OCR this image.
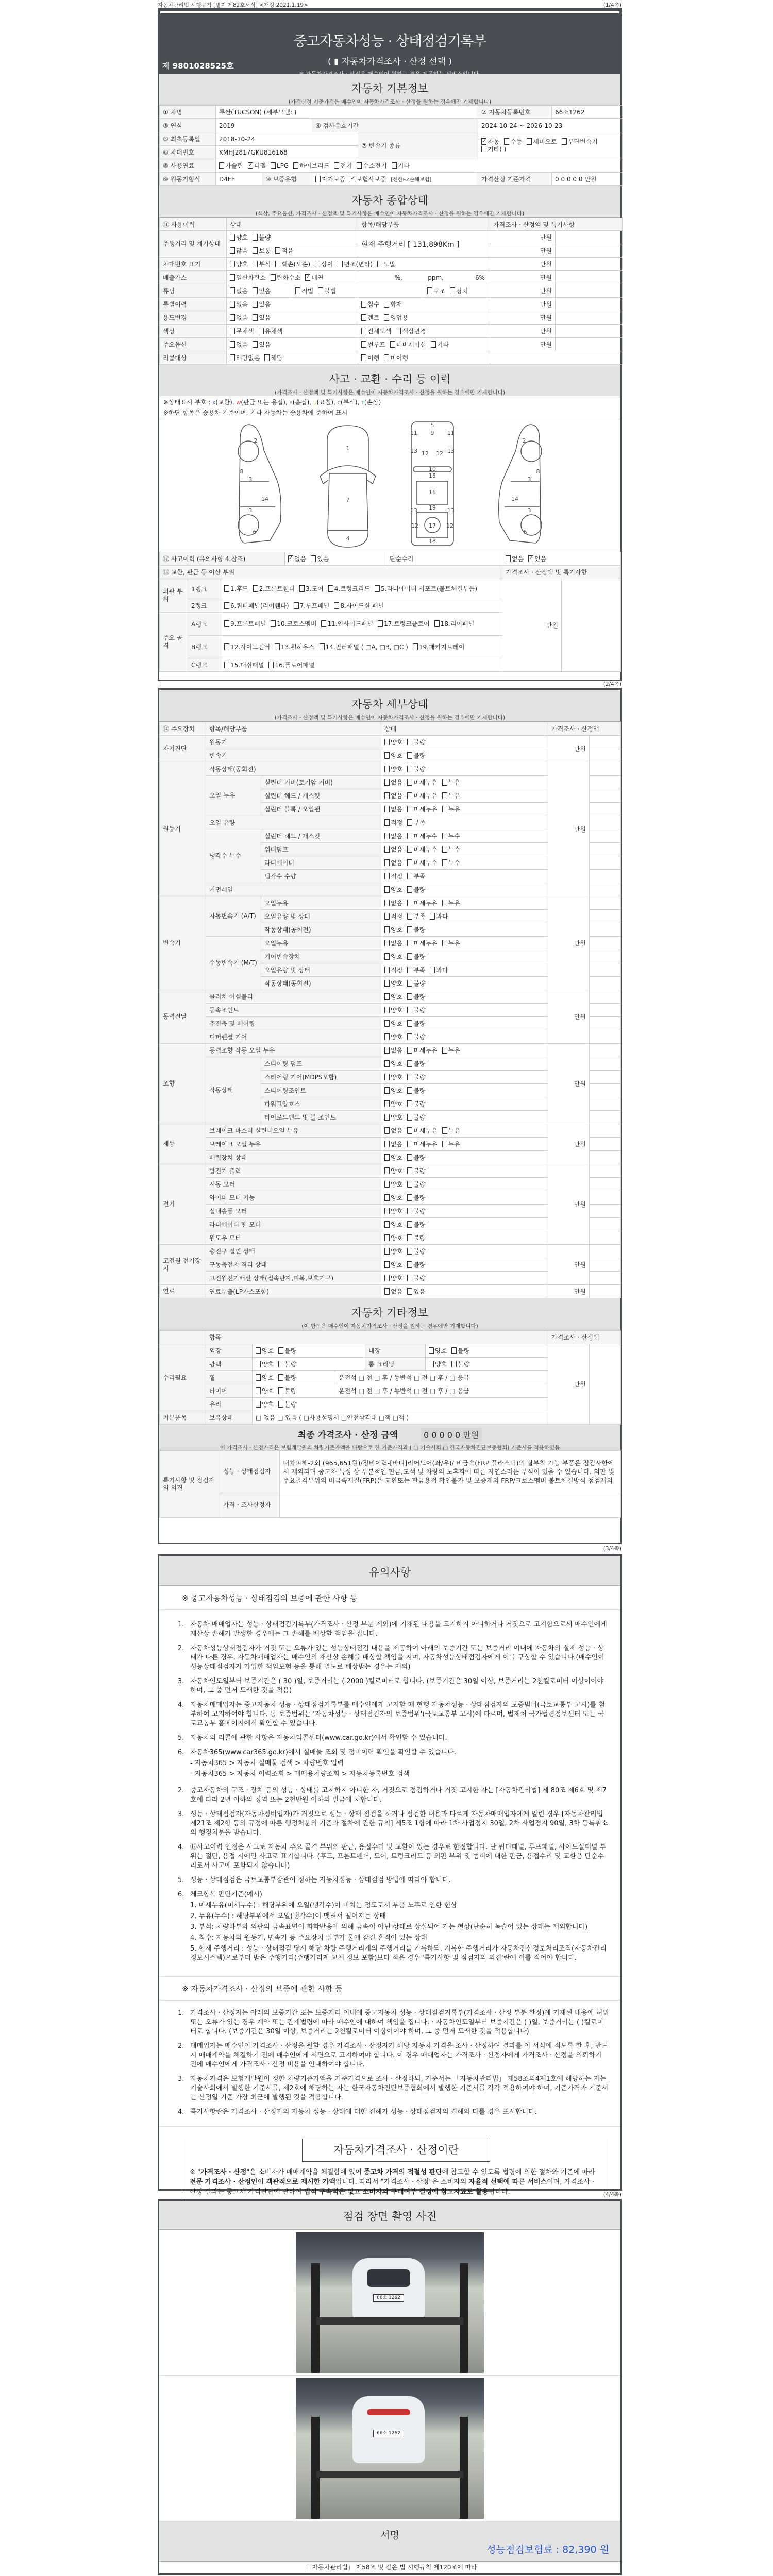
자동차관리법 시행규칙 [별지 제82호서식] <개정 2021.1.19>	(1/4쪽)
중고자동차성능 · 상태점검기록부
( ▮ 자동차가격조사 · 산정 선택 )
※ 자동차가격조사 · 산정은 매수인이 원하는 경우 제공하는 서비스입니다.
제 9801028525호
자동차 기본정보
(가격산정 기준가격은 매수인이 자동차가격조사 · 산정을 원하는 경우에만 기재합니다)
① 차명	투싼(TUCSON) (세부모델: )				② 자동차등록번호	66소1262
③ 연식	2019		④ 검사유효기간		2024-10-24 ~ 2026-10-23	
⑤ 최초등록일	2018-10-24			⑦ 변속기 종류	✓자동 수동 세미오토 무단변속기기타( )
⑥ 차대번호	KMHJ2817GKU816168					
⑧ 사용연료	가솔린 ✓ 디젤 LPG 하이브리드 전기 수소전기 기타
⑨ 원동기형식	D4FE	⑩ 보증유형	자가보증 ✓ 보험사보증 [신한EZ손해보험]		가격산정 기준가격	0 0 0 0 0 만원
자동차 종합상태
(색상, 주요옵션, 가격조사 · 산정액 및 특기사항은 매수인이 자동차가격조사 · 산정을 원하는 경우에만 기재합니다)
⑪ 사용이력	상태		항목/해당부품		가격조사 · 산정액 및 특기사항	
주행거리 및 계기상태	양호 불량		현재 주행거리 [ 131,898Km ]		만원	
	많음 보통 적음				만원	
차대번호 표기	양호 부식 훼손(오손) 상이 변조(변타) 도말				만원	
배출가스	일산화탄소 탄화수소 ✓ 매연		%, ppm, 6%		만원	
튜닝	없음 있음	적법 불법		구조 장치	만원	
특별이력	없음 있음		침수 화재		만원	
용도변경	없음 있음		렌트 영업용		만원	
색상	무채색 유채색		전체도색 색상변경		만원	
주요옵션	없음 있음		썬루프 네비게이션 기타		만원	
리콜대상	해당없음 해당		이행 미이행			
사고 · 교환 · 수리 등 이력
(가격조사 · 산정액 및 특기사항은 매수인이 자동차가격조사 · 산정을 원하는 경우에만 기재합니다)
※상태표시 부호 : X(교환), W(판금 또는 용접), A(흠집), U(요철), C(부식), T(손상)
※하단 항목은 승용차 기준이며, 기타 자동차는 승용차에 준하여 표시
2
8
3
3
14
6
2
8
3
3
14
6
1
7
4
5
9
11	11
13	13
12 12
10
15
16
19
17
18
13	13
12	12
⑫ 사고이력 (유의사항 4.참조)	✓없음 있음	단순수리	없음 ✓ 있음
⑬ 교환, 판금 등 이상 부위					가격조사 · 산정액 및 특기사항	
외판 부위	1랭크	1.후드 2.프론트휀더 3.도어 4.트렁크리드 5.라디에이터 서포트(볼트체결부품)			만원	
	2랭크	6.쿼터패널(리어휀다) 7.루프패널 8.사이드실 패널				
주요 골격	A랭크	9.프론트패널 10.크로스멤버 11.인사이드패널 17.트렁크플로어 18.리어패널				
	B랭크	12.사이드멤버 13.휠하우스 14.필러패널 ( □A, □B, □C ) 19.패키지트레이				
	C랭크	15.대쉬패널 16.플로어패널				
(2/4쪽)
자동차 세부상태
(가격조사 · 산정액 및 특기사항은 매수인이 자동차가격조사 · 산정을 원하는 경우에만 기재합니다)
⑭ 주요장치	항목/해당부품		상태	가격조사 · 산정액	
자기진단	원동기		양호 불량	만원	
	변속기		양호 불량		
원동기	작동상태(공회전)		양호 불량	만원	
	오일 누유	실린더 커버(로커암 커버)	없음 미세누유 누유		
		실린더 헤드 / 개스킷	없음 미세누유 누유		
		실린더 블록 / 오일팬	없음 미세누유 누유		
	오일 유량		적정 부족		
	냉각수 누수	실린더 헤드 / 개스킷	없음 미세누수 누수		
		워터펌프	없음 미세누수 누수		
		라디에이터	없음 미세누수 누수		
		냉각수 수량	적정 부족		
	커먼레일		양호 불량		
변속기	자동변속기 (A/T)	오일누유	없음 미세누유 누유	만원	
		오일유량 및 상태	적정 부족 과다		
		작동상태(공회전)	양호 불량		
	수동변속기 (M/T)	오일누유	없음 미세누유 누유		
		기어변속장치	양호 불량		
		오일유량 및 상태	적정 부족 과다		
		작동상태(공회전)	양호 불량		
동력전달	클러치 어셈블리		양호 불량	만원	
	등속조인트		양호 불량		
	추진축 및 베어링		양호 불량		
	디퍼렌셜 기어		양호 불량		
조향	동력조향 작동 오일 누유		없음 미세누유 누유	만원	
	작동상태	스티어링 펌프	양호 불량		
		스티어링 기어(MDPS포함)	양호 불량		
		스티어링조인트	양호 불량		
		파워고압호스	양호 불량		
		타이로드엔드 및 볼 조인트	양호 불량		
제동	브레이크 마스터 실린더오일 누유		없음 미세누유 누유	만원	
	브레이크 오일 누유		없음 미세누유 누유		
	배력장치 상태		양호 불량		
전기	발전기 출력		양호 불량	만원	
	시동 모터		양호 불량		
	와이퍼 모터 기능		양호 불량		
	실내송풍 모터		양호 불량		
	라디에이터 팬 모터		양호 불량		
	윈도우 모터		양호 불량		
고전원 전기장치	충전구 절연 상태		양호 불량	만원	
	구동축전지 격리 상태		양호 불량		
	고전원전기배선 상태(접속단자,피복,보호기구)		양호 불량		
연료	연료누출(LP가스포함)		없음 있음	만원	
자동차 기타정보
(이 항목은 매수인이 자동차가격조사 · 산정을 원하는 경우에만 기재합니다)
	항목					가격조사 · 산정액	
수리필요	외장	양호 불량		내장	양호 불량	만원	
	광택	양호 불량		룸 크리닝	양호 불량		
	휠	양호 불량	운전석 □ 전 □ 후 / 동반석 □ 전 □ 후 / □ 응급				
	타이어	양호 불량	운전석 □ 전 □ 후 / 동반석 □ 전 □ 후 / □ 응급				
	유리	양호 불량					
기본품목	보유상태	□ 없음 □ 있음 ( □사용설명서 □안전삼각대 □잭 □잭 )					
최종 가격조사 · 산정 금액	0 0 0 0 0 만원
이 가격조사 · 산정가격은 보험개발원의 차량기준가액을 바탕으로 한 기준가격과 ( □ 기술사회,□ 한국자동차진단보증협회) 기준서를 적용하였음
특기사항 및 점검자의 의견	성능 · 상태점검자	내차피해-2회 (965,651원)/정비이력-[바디]리어도어(좌/우)/ 비금속(FRP 플라스틱)의 탈부착 가능 부품은 점검사항에서 제외되며 중고차 특성 상 부분적인 판금,도색 및 차량의 노후화에 따른 자연스러운 부식이 있을 수 있습니다. 외판 및 주요골격부위의 비금속재질(FRP)은 교환또는 판금용접 확인불가 및 보증제외 FRP/크로스멤버 볼트체결방식 점검제외
	가격 · 조사산정자	
(3/4쪽)
유의사항
※ 중고자동차성능 · 상태점검의 보증에 관한 사항 등
1. 자동차 매매업자는 성능 · 상태점검기록부(가격조사 · 산정 부분 제외)에 기재된 내용을 고지하지 아니하거나 거짓으로 고지함으로써 매수인에게 재산상 손해가 발생한 경우에는 그 손해를 배상할 책임을 집니다.
2. 자동차성능상태점검자가 거짓 또는 오류가 있는 성능상태점검 내용을 제공하여 아래의 보증기간 또는 보증거리 이내에 자동차의 실제 성능 · 상태가 다른 경우, 자동차매매업자는 매수인의 재산상 손해를 배상할 책임을 지며, 자동차성능상태점검자에게 이를 구상할 수 있습니다.(매수인이 성능상태점검자가 가입한 책임보험 등을 통해 별도로 배상받는 경우는 제외)
3. 자동차인도일부터 보증기간은 ( 30 )일, 보증거리는 ( 2000 )킬로미터로 합니다. (보증기간은 30일 이상, 보증거리는 2천킬로미터 이상이어야 하며, 그 중 먼저 도래한 것을 적용)
4. 자동차매매업자는 중고자동차 성능 · 상태점검기록부를 매수인에게 고지할 때 현행 자동차성능 · 상태점검자의 보증범위(국토교통부 고시)를 첨부하여 고지하여야 합니다. 동 보증범위는 '자동차성능 · 상태점검자의 보증범위'(국토교통부 고시)에 따르며, 법제처 국가법령정보센터 또는 국토교통부 홈페이지에서 확인할 수 있습니다.
5. 자동차의 리콜에 관한 사항은 자동차리콜센터(www.car.go.kr)에서 확인할 수 있습니다.
6. 자동차365(www.car365.go.kr)에서 실매물 조회 및 정비이력 확인을 확인할 수 있습니다.
- 자동차365 > 자동차 실매물 검색 > 차량번호 입력
- 자동차365 > 자동차 이력조회 > 매매용차량조회 > 자동차등록번호 검색
2. 중고자동차의 구조 · 장치 등의 성능 · 상태를 고지하지 아니한 자, 거짓으로 점검하거나 거짓 고지한 자는 [자동차관리법] 제 80조 제6호 및 제7호에 따라 2년 이하의 징역 또는 2천만원 이하의 벌금에 처합니다.
3. 성능 · 상태점검자(자동차정비업자)가 거짓으로 성능 · 상태 점검을 하거나 점검한 내용과 다르게 자동차매매업자에게 알린 경우 [자동차관리법 제21조 제2항 등의 규정에 따른 행정처분의 기준과 절차에 관한 규칙] 제5조 1항에 따라 1차 사업정지 30일, 2차 사업정지 90일, 3차 등록취소의 행정처분을 받습니다.
4. ⑫사고이력 인정은 사고로 자동차 주요 골격 부위의 판금, 용접수리 및 교환이 있는 경우로 한정합니다. 단 쿼터패널, 루프패널, 사이드실패널 부위는 절단, 용접 시에만 사고로 표기합니다. (후드, 프론트펜더, 도어, 트렁크리드 등 외판 부위 및 범퍼에 대한 판금, 용접수리 및 교환은 단순수리로서 사고에 포함되지 않습니다)
5. 성능 · 상태점검은 국토교통부장관이 정하는 자동차성능 · 상태점검 방법에 따라야 합니다.
6. 체크항목 판단기준(예시)
1. 미세누유(미세누수) : 해당부위에 오일(냉각수)이 비치는 정도로서 부품 노후로 인한 현상
2. 누유(누수) : 해당부위에서 오일(냉각수)이 맺혀서 떨어지는 상태
3. 부식: 차량하부와 외판의 금속표면이 화학반응에 의해 금속이 아닌 상태로 상실되어 가는 현상(단순히 녹슬어 있는 상태는 제외합니다)
4. 침수: 자동차의 원동기, 변속기 등 주요장치 일부가 물에 잠긴 흔적이 있는 상태
5. 현재 주행거리 : 성능 · 상태점검 당시 해당 차량 주행거리계의 주행거리를 기록하되, 기록한 주행거리가 자동차전산정보처리조직(자동차관리정보시스템)으로부터 받은 주행거리(주행거리계 교체 정보 포함)보다 적은 경우 '특기사항 및 점검자의 의견'란에 이를 적어야 합니다.
※ 자동차가격조사 · 산정의 보증에 관한 사항 등
1. 가격조사 · 산정자는 아래의 보증기간 또는 보증거리 이내에 중고자동차 성능 · 상태점검기록부(가격조사 · 산정 부분 한정)에 기재된 내용에 허위 또는 오류가 있는 경우 계약 또는 관계법령에 따라 매수인에 대하여 책임을 집니다. · 자동차인도일부터 보증기간은 ( )일, 보증거리는 ( )킬로미터로 합니다. (보증기간은 30일 이상, 보증거리는 2천킬로미터 이상이어야 하며, 그 중 먼저 도래한 것을 적용합니다)
2. 매매업자는 매수인이 가격조사 · 산정을 원할 경우 가격조사 · 산정자가 해당 자동차 가격을 조사 · 산정하여 결과를 이 서식에 적도록 한 후, 반드시 매매계약을 체결하기 전에 매수인에게 서면으로 고지하여야 합니다. 이 경우 매매업자는 가격조사 · 산정자에게 가격조사 · 산정을 의뢰하기 전에 매수인에게 가격조사 · 산정 비용을 안내하여야 합니다.
3. 자동차가격은 보험개발원이 정한 차량기준가액을 기준가격으로 조사 · 산정하되, 기준서는 「자동차관리법」 제58조의4제1호에 해당하는 자는 기술사회에서 발행한 기준서를, 제2호에 해당하는 자는 한국자동차진단보증협회에서 발행한 기준서를 각각 적용하여야 하며, 기준가격과 기준서는 산정일 기준 가장 최근에 발행된 것을 적용합니다.
4. 특기사항란은 가격조사 · 산정자의 자동차 성능 · 상태에 대한 견해가 성능 · 상태점검자의 견해와 다를 경우 표시합니다.
자동차가격조사 · 산정이란
※ "가격조사 · 산정"은 소비자가 매매계약을 체결함에 있어 중고차 가격의 적절성 판단에 참고할 수 있도록 법령에 의한 절차와 기준에 따라 전문 가격조사 · 산정인이 객관적으로 제시한 가액입니다. 따라서 "가격조사 · 산정"은 소비자의 자율적 선택에 따른 서비스이며, 가격조사 · 산정 결과는 중고차 가격판단에 관하여 법적 구속력은 없고 소비자의 구매여부 결정에 참고자료로 활용됩니다.	(4/4쪽)
점검 장면 촬영 사진
66소 1262
66소 1262
서명
성능점검보험료 : 82,390 원
「「자동차관리법」 제58조 및 같은 법 시행규칙 제120조에 따라
